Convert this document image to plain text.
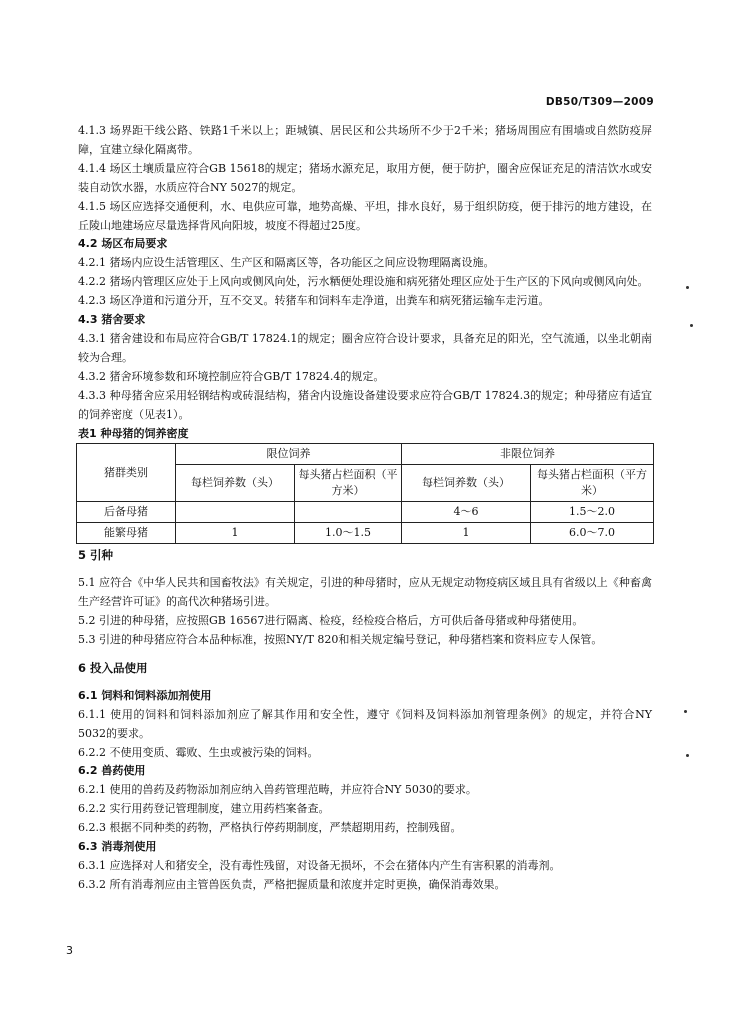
DB50/T309—2009

4.1.3 场界距干线公路、铁路1千米以上；距城镇、居民区和公共场所不少于2千米；猪场周围应有围墙或自然防疫屏障，宜建立绿化隔离带。

4.1.4 场区土壤质量应符合GB 15618的规定；猪场水源充足，取用方便，便于防护，圈舍应保证充足的清洁饮水或安装自动饮水器，水质应符合NY 5027的规定。

4.1.5 场区应选择交通便利，水、电供应可靠，地势高燥、平坦，排水良好，易于组织防疫，便于排污的地方建设，在丘陵山地建场应尽量选择背风向阳坡，坡度不得超过25度。

4.2 场区布局要求

4.2.1 猪场内应设生活管理区、生产区和隔离区等，各功能区之间应设物理隔离设施。

4.2.2 猪场内管理区应处于上风向或侧风向处，污水粞便处理设施和病死猪处理区应处于生产区的下风向或侧风向处。

4.2.3 场区净道和污道分开，互不交叉。转猪车和饲料车走净道，出粪车和病死猪运输车走污道。

4.3 猪舍要求

4.3.1 猪舍建设和布局应符合GB/T 17824.1的规定；圈舍应符合设计要求，具备充足的阳光，空气流通，以坐北朝南较为合理。

4.3.2 猪舍环境参数和环境控制应符合GB/T 17824.4的规定。

4.3.3 种母猪舍应采用轻钢结构或砖混结构，猪舍内设施设备建设要求应符合GB/T 17824.3的规定；种母猪应有适宜的饲养密度（见表1）。

表1 种母猪的饲养密度

猪群类别	限位饲养		非限位饲养	
	每栏饲养数（头）	每头猪占栏面积（平方米）	每栏饲养数（头）	每头猪占栏面积（平方米）
后备母猪			4～6	1.5～2.0
能繁母猪	1	1.0～1.5	1	6.0～7.0

5 引种

5.1 应符合《中华人民共和国畜牧法》有关规定，引进的种母猪时，应从无规定动物疫病区域且具有省级以上《种畜禽生产经营许可证》的高代次种猪场引进。

5.2 引进的种母猪，应按照GB 16567进行隔离、检疫，经检疫合格后，方可供后备母猪或种母猪使用。

5.3 引进的种母猪应符合本品种标准，按照NY/T 820和相关规定编号登记，种母猪档案和资料应专人保管。

6 投入品使用

6.1 饲料和饲料添加剂使用

6.1.1 使用的饲料和饲料添加剂应了解其作用和安全性，遵守《饲料及饲料添加剂管理条例》的规定，并符合NY 5032的要求。

6.2.2 不使用变质、霉败、生虫或被污染的饲料。

6.2 兽药使用

6.2.1 使用的兽药及药物添加剂应纳入兽药管理范畴，并应符合NY 5030的要求。

6.2.2 实行用药登记管理制度，建立用药档案备查。

6.2.3 根据不同种类的药物，严格执行停药期制度，严禁超期用药，控制残留。

6.3 消毒剂使用

6.3.1 应选择对人和猪安全，没有毒性残留，对设备无损坏，不会在猪体内产生有害积累的消毒剂。

6.3.2 所有消毒剂应由主管兽医负责，严格把握质量和浓度并定时更换，确保消毒效果。

3
